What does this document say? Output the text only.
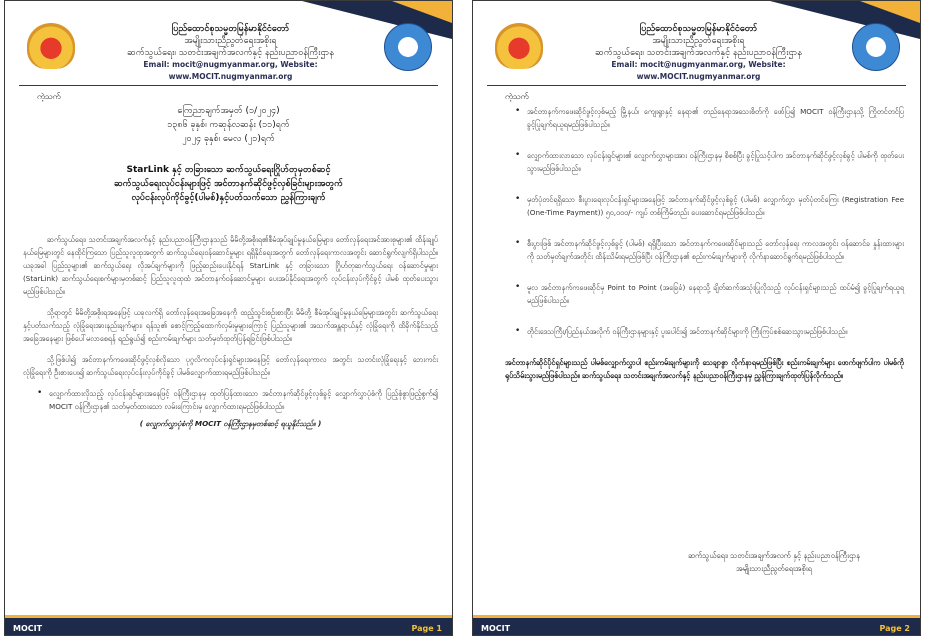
ပြည်ထောင်စုသမ္မတမြန်မာနိုင်ငံတော်
အမျိုးသားညီညွတ်ရေးအစိုးရ
ဆက်သွယ်ရေး၊ သတင်းအချက်အလက်နှင့် နည်းပညာဝန်ကြီးဌာန
Email: mocit@nugmyanmar.org, Website: www.MOCIT.nugmyanmar.org
ကဲ့သက်
ကြေညာချက်အမှတ် (၁/၂၀၂၄)
၁၃၈၆ ခုနှစ်၊ ကဆုန်လဆန်း (၁၁)ရက်
၂၀၂၄ ခုနှစ်၊ မေလ (၂၁)ရက်
StarLink နှင့် တခြားသော ဆက်သွယ်ရေးဂြိုဟ်တုမှတစ်ဆင့်
ဆက်သွယ်ရေးလုပ်ငန်းများဖြင့် အင်တာနက်ဆိုင်ဖွင့်လှစ်ခြင်းများအတွက်
လုပ်ငန်းလုပ်ကိုင်ခွင့်(ပါမစ်)နှင့်ပတ်သက်သော ညွှန်ကြားချက်

ဆက်သွယ်ရေး၊ သတင်းအချက်အလက်နှင့် နည်းပညာဝန်ကြီးဌာနသည် မိမိတို့အစိုးရ၏စီမံအုပ်ချုပ်မှုနယ်မြေများ၊ တော်လှန်ရေးအင်အားစုများ၏ ထိန်းချုပ်နယ်မြေများတွင် နေထိုင်ကြသော ပြည်သူလူထုအတွက် ဆက်သွယ်ရေးဝန်ဆောင်မှုများ ရရှိနိုင်ရေးအတွက် တော်လှန်ရေးကာလအတွင်း ဆောင်ရွက်လျက်ရှိပါသည်။ ယခုအခါ ပြည်သူများ၏ ဆက်သွယ်ရေး လိုအပ်ချက်များကို ဖြည့်ဆည်းပေးနိုင်ရန် StarLink နှင့် တခြားသော ဂြိုဟ်တုဆက်သွယ်ရေး ဝန်ဆောင်မှုများ (StarLink) ဆက်သွယ်ရေးစက်များမှတစ်ဆင့် ပြည်သူလူထုထံ အင်တာနက်ဝန်ဆောင်မှုများ ပေးအပ်နိုင်ရေးအတွက် လုပ်ငန်းလုပ်ကိုင်ခွင့် ပါမစ် ထုတ်ပေးသွားမည်ဖြစ်ပါသည်။

သို့ရာတွင် မိမိတို့အစိုးရအနေဖြင့် ယခုလက်ရှိ တော်လှန်ရေးအခြေအနေကို ထည့်သွင်းစဉ်းစားပြီး မိမိတို့ စီမံအုပ်ချုပ်မှုနယ်မြေများအတွင်း ဆက်သွယ်ရေးနှင့်ပတ်သက်သည့် လုံခြုံရေးအားနည်းချက်များ၊ ရန်သူ၏ စောင့်ကြည့်ထောက်လှမ်းမှုများကြောင့် ပြည်သူများ၏ အသက်အန္တရာယ်နှင့် လုံခြုံရေးကို ထိခိုက်နိုင်သည့် အခြေအနေများ ဖြစ်ပေါ်မလာစေရန် ရည်ရွယ်၍ စည်းကမ်းချက်များ သတ်မှတ်ထုတ်ပြန်ရခြင်းဖြစ်ပါသည်။

သို့ဖြစ်ပါ၍ အင်တာနက်ကဖေးဆိုင်ဖွင့်လှစ်လိုသော ပုဂ္ဂလိကလုပ်ငန်းရှင်များအနေဖြင့် တော်လှန်ရေးကာလ အတွင်း သတင်းလုံခြုံရေးနှင့် ဘေးကင်းလုံခြုံရေးကို ဦးစားပေး၍ ဆက်သွယ်ရေးလုပ်ငန်းလုပ်ကိုင်ခွင့် ပါမစ်လျှောက်ထားရမည်ဖြစ်ပါသည်။

• လျှောက်ထားလိုသည့် လုပ်ငန်းရှင်များအနေဖြင့် ဝန်ကြီးဌာနမှ ထုတ်ပြန်ထားသော အင်တာနက်ဆိုင်ဖွင့်လှစ်ခွင့် လျှောက်လွှာပုံစံကို ပြည့်စုံစွာဖြည့်စွက်၍ MOCIT ဝန်ကြီးဌာန၏ သတ်မှတ်ထားသော လမ်းကြောင်းမှ လျှောက်ထားရမည်ဖြစ်ပါသည်။
( လျှောက်လွှာပုံစံကို MOCIT ဝန်ကြီးဌာနမှတစ်ဆင့် ရယူနိုင်သည်။ )
MOCIT	Page 1
ပြည်ထောင်စုသမ္မတမြန်မာနိုင်ငံတော်
အမျိုးသားညီညွတ်ရေးအစိုးရ
ဆက်သွယ်ရေး၊ သတင်းအချက်အလက်နှင့် နည်းပညာဝန်ကြီးဌာန
Email: mocit@nugmyanmar.org, Website: www.MOCIT.nugmyanmar.org
ကဲ့သက်
• အင်တာနက်ကဖေးဆိုင်ဖွင့်လှစ်မည့် မြို့နယ်၊ ကျေးရွာနှင့် နေရာ၏ တည်နေရာအသေးစိတ်ကို ဖော်ပြ၍ MOCIT ဝန်ကြီးဌာနသို့ ကြိုတင်တင်ပြ ခွင့်ပြုချက်ရယူရမည်ဖြစ်ပါသည်။
• လျှောက်ထားလာသော လုပ်ငန်းရှင်များ၏ လျှောက်လွှာများအား ဝန်ကြီးဌာနမှ စိစစ်ပြီး ခွင့်ပြုသင့်ပါက အင်တာနက်ဆိုင်ဖွင့်လှစ်ခွင့် ပါမစ်ကို ထုတ်ပေးသွားမည်ဖြစ်ပါသည်။
• မှတ်ပုံတင်ရရှိသော စီးပွားရေးလုပ်ငန်းရှင်များအနေဖြင့် အင်တာနက်ဆိုင်ဖွင့်လှစ်ခွင့် (ပါမစ်) လျှောက်လွှာ မှတ်ပုံတင်ကြေး (Registration Fee (One-Time Payment)) ၅၀,၀၀၀/- ကျပ် တစ်ကြိမ်တည်း ပေးဆောင်ရမည်ဖြစ်ပါသည်။
• စီးပွားဖြစ် အင်တာနက်ဆိုင်ဖွင့်လှစ်ခွင့် (ပါမစ်) ရရှိပြီးသော အင်တာနက်ကဖေးဆိုင်များသည် တော်လှန်ရေး ကာလအတွင်း ဝန်ဆောင်ခ နှုန်းထားများကို သတ်မှတ်ချက်အတိုင်း ထိန်းသိမ်းရမည်ဖြစ်ပြီး ဝန်ကြီးဌာန၏ စည်းကမ်းချက်များကို လိုက်နာဆောင်ရွက်ရမည်ဖြစ်ပါသည်။
• မူလ အင်တာနက်ကဖေးဆိုင်မှ Point to Point (အခြေခံ) နေရာသို့ ချိတ်ဆက်အသုံးပြုလိုသည့် လုပ်ငန်းရှင်များသည် ထပ်မံ၍ ခွင့်ပြုချက်ရယူရမည်ဖြစ်ပါသည်။
• တိုင်းဒေသကြီး/ပြည်နယ်အလိုက် ဝန်ကြီးဌာနများနှင့် ပူးပေါင်း၍ အင်တာနက်ဆိုင်များကို ကြီးကြပ်စစ်ဆေးသွားမည်ဖြစ်ပါသည်။
အင်တာနက်ဆိုင်ပိုင်ရှင်များသည် ပါမစ်လျှောက်လွှာပါ စည်းကမ်းချက်များကို သေချာစွာ လိုက်နာရမည်ဖြစ်ပြီး စည်းကမ်းချက်များ ဖောက်ဖျက်ပါက ပါမစ်ကို ရုပ်သိမ်းသွားမည်ဖြစ်ပါသည်။ ဆက်သွယ်ရေး၊ သတင်းအချက်အလက်နှင့် နည်းပညာဝန်ကြီးဌာနမှ ညွှန်ကြားချက်ထုတ်ပြန်လိုက်သည်။
ဆက်သွယ်ရေး၊ သတင်းအချက်အလက် နှင့် နည်းပညာဝန်ကြီးဌာန
အမျိုးသားညီညွတ်ရေးအစိုးရ
MOCIT	Page 2
